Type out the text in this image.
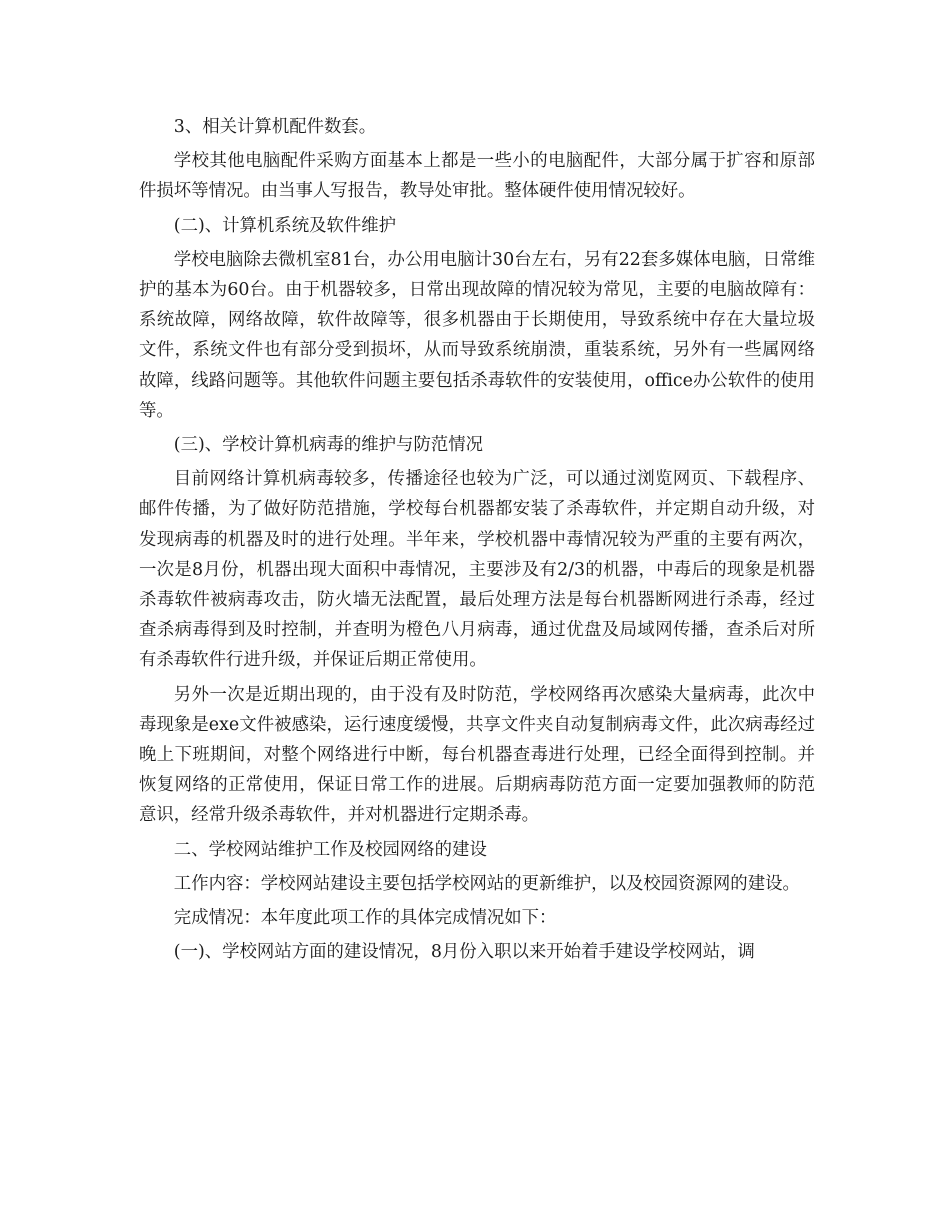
3、相关计算机配件数套。

学校其他电脑配件采购方面基本上都是一些小的电脑配件，大部分属于扩容和原部件损坏等情况。由当事人写报告，教导处审批。整体硬件使用情况较好。

(二)、计算机系统及软件维护

学校电脑除去微机室81台，办公用电脑计30台左右，另有22套多媒体电脑，日常维护的基本为60台。由于机器较多，日常出现故障的情况较为常见，主要的电脑故障有：系统故障，网络故障，软件故障等，很多机器由于长期使用，导致系统中存在大量垃圾文件，系统文件也有部分受到损坏，从而导致系统崩溃，重装系统，另外有一些属网络故障，线路问题等。其他软件问题主要包括杀毒软件的安装使用，office办公软件的使用等。

(三)、学校计算机病毒的维护与防范情况

目前网络计算机病毒较多，传播途径也较为广泛，可以通过浏览网页、下载程序、邮件传播，为了做好防范措施，学校每台机器都安装了杀毒软件，并定期自动升级，对发现病毒的机器及时的进行处理。半年来，学校机器中毒情况较为严重的主要有两次，一次是8月份，机器出现大面积中毒情况，主要涉及有2/3的机器，中毒后的现象是机器杀毒软件被病毒攻击，防火墙无法配置，最后处理方法是每台机器断网进行杀毒，经过查杀病毒得到及时控制，并查明为橙色八月病毒，通过优盘及局域网传播，查杀后对所有杀毒软件行进升级，并保证后期正常使用。

另外一次是近期出现的，由于没有及时防范，学校网络再次感染大量病毒，此次中毒现象是exe文件被感染，运行速度缓慢，共享文件夹自动复制病毒文件，此次病毒经过晚上下班期间，对整个网络进行中断，每台机器查毒进行处理，已经全面得到控制。并恢复网络的正常使用，保证日常工作的进展。后期病毒防范方面一定要加强教师的防范意识，经常升级杀毒软件，并对机器进行定期杀毒。

二、学校网站维护工作及校园网络的建设

工作内容：学校网站建设主要包括学校网站的更新维护，以及校园资源网的建设。

完成情况：本年度此项工作的具体完成情况如下：

(一)、学校网站方面的建设情况，8月份入职以来开始着手建设学校网站，调
